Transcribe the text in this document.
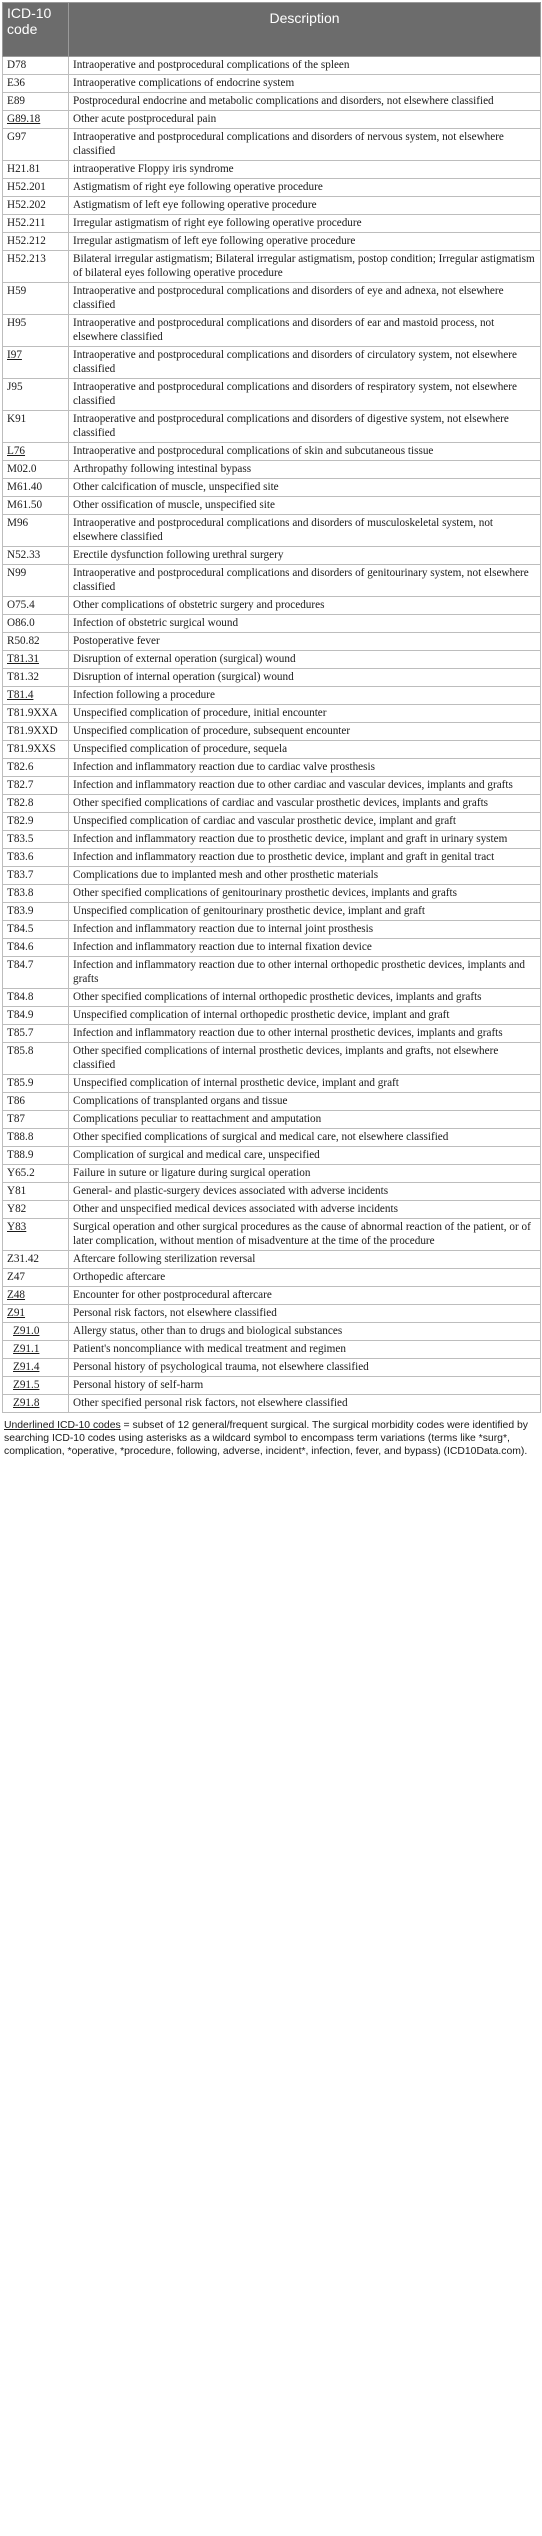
ICD-10 code	Description
D78	Intraoperative and postprocedural complications of the spleen
E36	Intraoperative complications of endocrine system
E89	Postprocedural endocrine and metabolic complications and disorders, not elsewhere classified
G89.18	Other acute postprocedural pain
G97	Intraoperative and postprocedural complications and disorders of nervous system, not elsewhere classified
H21.81	intraoperative Floppy iris syndrome
H52.201	Astigmatism of right eye following operative procedure
H52.202	Astigmatism of left eye following operative procedure
H52.211	Irregular astigmatism of right eye following operative procedure
H52.212	Irregular astigmatism of left eye following operative procedure
H52.213	Bilateral irregular astigmatism; Bilateral irregular astigmatism, postop condition; Irregular astigmatism of bilateral eyes following operative procedure
H59	Intraoperative and postprocedural complications and disorders of eye and adnexa, not elsewhere classified
H95	Intraoperative and postprocedural complications and disorders of ear and mastoid process, not elsewhere classified
I97	Intraoperative and postprocedural complications and disorders of circulatory system, not elsewhere classified
J95	Intraoperative and postprocedural complications and disorders of respiratory system, not elsewhere classified
K91	Intraoperative and postprocedural complications and disorders of digestive system, not elsewhere classified
L76	Intraoperative and postprocedural complications of skin and subcutaneous tissue
M02.0	Arthropathy following intestinal bypass
M61.40	Other calcification of muscle, unspecified site
M61.50	Other ossification of muscle, unspecified site
M96	Intraoperative and postprocedural complications and disorders of musculoskeletal system, not elsewhere classified
N52.33	Erectile dysfunction following urethral surgery
N99	Intraoperative and postprocedural complications and disorders of genitourinary system, not elsewhere classified
O75.4	Other complications of obstetric surgery and procedures
O86.0	Infection of obstetric surgical wound
R50.82	Postoperative fever
T81.31	Disruption of external operation (surgical) wound
T81.32	Disruption of internal operation (surgical) wound
T81.4	Infection following a procedure
T81.9XXA	Unspecified complication of procedure, initial encounter
T81.9XXD	Unspecified complication of procedure, subsequent encounter
T81.9XXS	Unspecified complication of procedure, sequela
T82.6	Infection and inflammatory reaction due to cardiac valve prosthesis
T82.7	Infection and inflammatory reaction due to other cardiac and vascular devices, implants and grafts
T82.8	Other specified complications of cardiac and vascular prosthetic devices, implants and grafts
T82.9	Unspecified complication of cardiac and vascular prosthetic device, implant and graft
T83.5	Infection and inflammatory reaction due to prosthetic device, implant and graft in urinary system
T83.6	Infection and inflammatory reaction due to prosthetic device, implant and graft in genital tract
T83.7	Complications due to implanted mesh and other prosthetic materials
T83.8	Other specified complications of genitourinary prosthetic devices, implants and grafts
T83.9	Unspecified complication of genitourinary prosthetic device, implant and graft
T84.5	Infection and inflammatory reaction due to internal joint prosthesis
T84.6	Infection and inflammatory reaction due to internal fixation device
T84.7	Infection and inflammatory reaction due to other internal orthopedic prosthetic devices, implants and grafts
T84.8	Other specified complications of internal orthopedic prosthetic devices, implants and grafts
T84.9	Unspecified complication of internal orthopedic prosthetic device, implant and graft
T85.7	Infection and inflammatory reaction due to other internal prosthetic devices, implants and grafts
T85.8	Other specified complications of internal prosthetic devices, implants and grafts, not elsewhere classified
T85.9	Unspecified complication of internal prosthetic device, implant and graft
T86	Complications of transplanted organs and tissue
T87	Complications peculiar to reattachment and amputation
T88.8	Other specified complications of surgical and medical care, not elsewhere classified
T88.9	Complication of surgical and medical care, unspecified
Y65.2	Failure in suture or ligature during surgical operation
Y81	General- and plastic-surgery devices associated with adverse incidents
Y82	Other and unspecified medical devices associated with adverse incidents
Y83	Surgical operation and other surgical procedures as the cause of abnormal reaction of the patient, or of later complication, without mention of misadventure at the time of the procedure
Z31.42	Aftercare following sterilization reversal
Z47	Orthopedic aftercare
Z48	Encounter for other postprocedural aftercare
Z91	Personal risk factors, not elsewhere classified
Z91.0	Allergy status, other than to drugs and biological substances
Z91.1	Patient's noncompliance with medical treatment and regimen
Z91.4	Personal history of psychological trauma, not elsewhere classified
Z91.5	Personal history of self-harm
Z91.8	Other specified personal risk factors, not elsewhere classified

Underlined ICD-10 codes = subset of 12 general/frequent surgical. The surgical morbidity codes were identified by searching ICD-10 codes using asterisks as a wildcard symbol to encompass term variations (terms like *surg*, complication, *operative, *procedure, following, adverse, incident*, infection, fever, and bypass) (ICD10Data.com).
